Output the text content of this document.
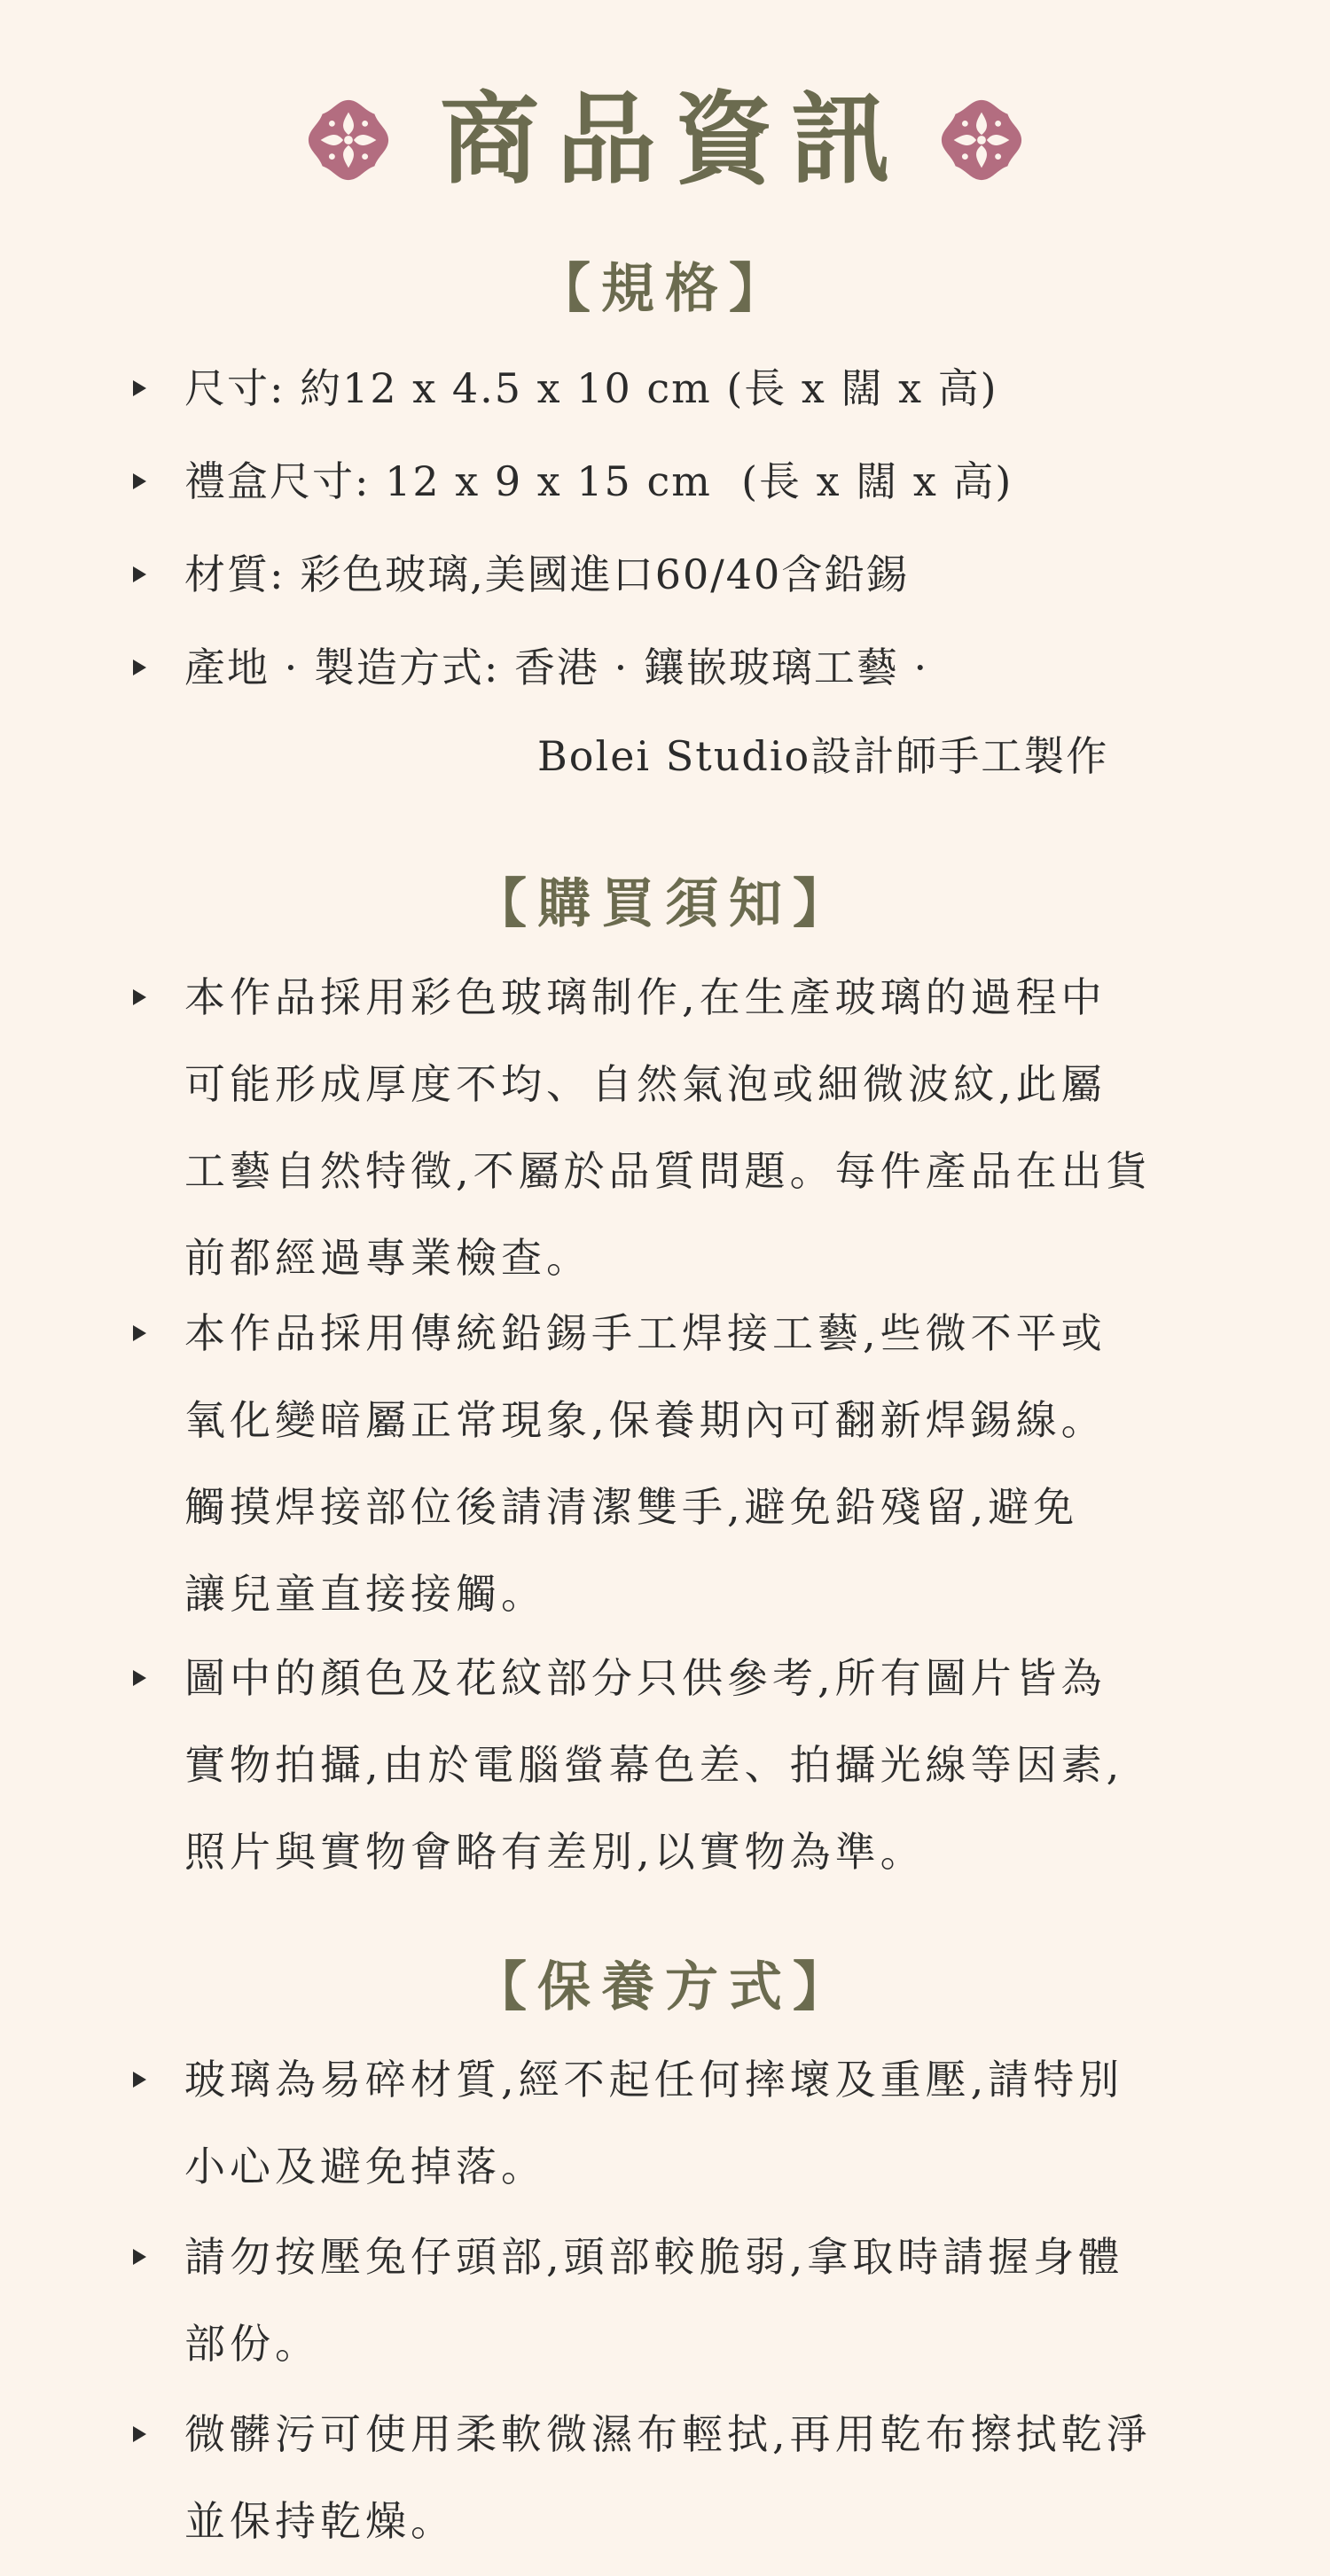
商品資訊
【規格】
尺寸: 約12 x 4.5 x 10 cm (長 x 闊 x 高)
禮盒尺寸: 12 x 9 x 15 cm  (長 x 闊 x 高)
材質: 彩色玻璃,美國進口60/40含鉛錫
產地 · 製造方式: 香港 · 鑲嵌玻璃工藝 ·
Bolei Studio設計師手工製作
【購買須知】
本作品採用彩色玻璃制作,在生產玻璃的過程中
可能形成厚度不均、自然氣泡或細微波紋,此屬
工藝自然特徵,不屬於品質問題。每件產品在出貨
前都經過專業檢查。
本作品採用傳統鉛錫手工焊接工藝,些微不平或
氧化變暗屬正常現象,保養期內可翻新焊錫線。
觸摸焊接部位後請清潔雙手,避免鉛殘留,避免
讓兒童直接接觸。
圖中的顏色及花紋部分只供參考,所有圖片皆為
實物拍攝,由於電腦螢幕色差、拍攝光線等因素,
照片與實物會略有差別,以實物為準。
【保養方式】
玻璃為易碎材質,經不起任何摔壞及重壓,請特別
小心及避免掉落。
請勿按壓兔仔頭部,頭部較脆弱,拿取時請握身體
部份。
微髒污可使用柔軟微濕布輕拭,再用乾布擦拭乾淨
並保持乾燥。
